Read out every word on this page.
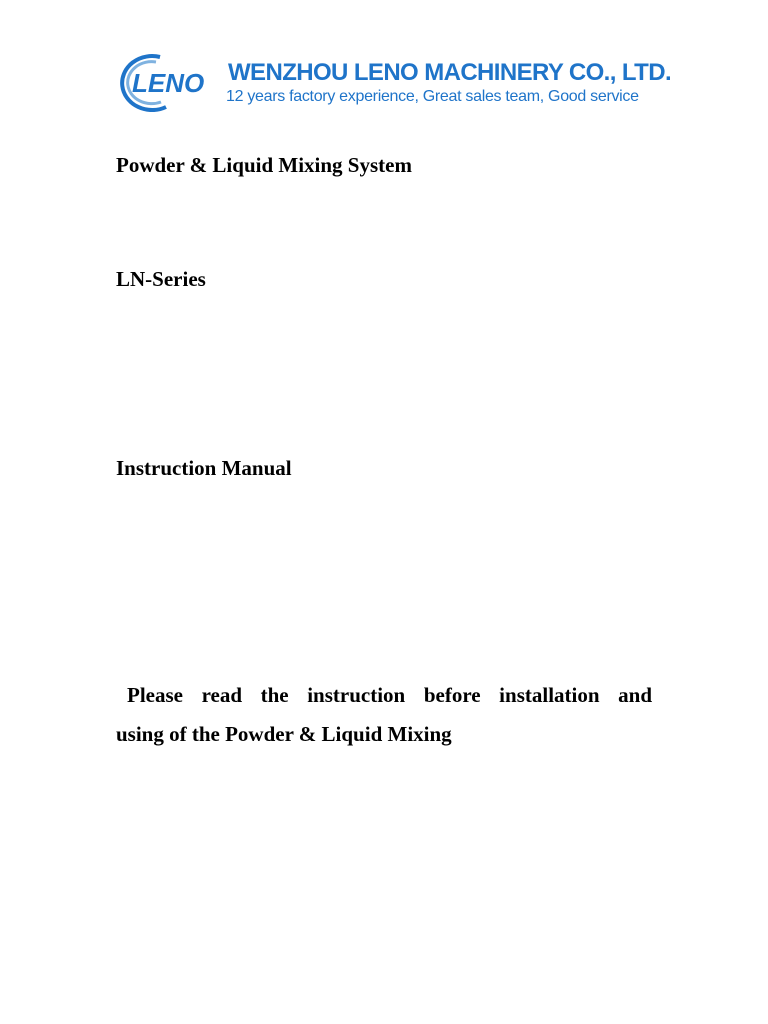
LENO WENZHOU LENO MACHINERY CO., LTD.
12 years factory experience, Great sales team, Good service
Powder & Liquid Mixing System
LN-Series
Instruction Manual
Please read the instruction before installation and
using of the Powder & Liquid Mixing
